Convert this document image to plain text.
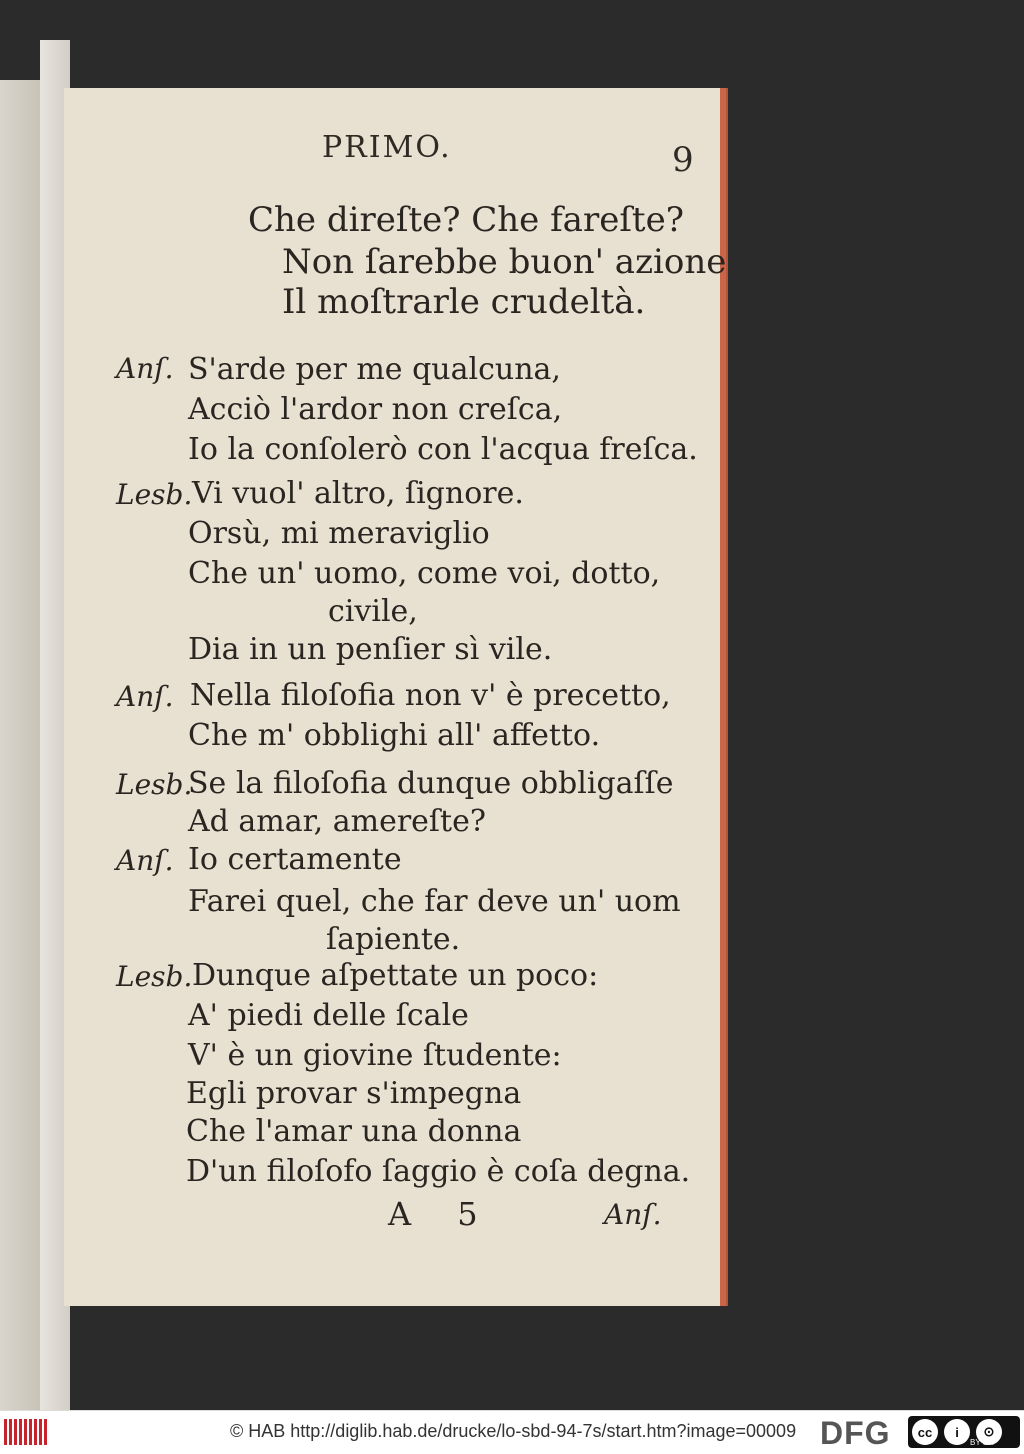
PRIMO.	9
Che direſte? Che fareſte?
Non ſarebbe buon' azione
Il moſtrarle crudeltà.
Anſ. S'arde per me qualcuna,
Acciò l'ardor non creſca,
Io la conſolerò con l'acqua freſca.
Lesb. Vi vuol' altro, ſignore.
Orsù, mi meraviglio
Che un' uomo, come voi, dotto,
civile,
Dia in un penſier sì vile.
Anſ. Nella filoſofia non v' è precetto,
Che m' obblighi all' affetto.
Lesb.
Se la filoſofia dunque obbligaſſe
Ad amar, amereſte?
Anſ. Io certamente
Farei quel, che far deve un' uom
ſapiente.
Lesb. Dunque aſpettate un poco:
A' piedi delle ſcale
V' è un giovine ſtudente:
Egli provar s'impegna
Che l'amar una donna
D'un filoſofo ſaggio è coſa degna.
A 5	Anſ.
© HAB http://diglib.hab.de/drucke/lo-sbd-94-7s/start.htm?image=00009 DFG	cc	i	⊙
BY SA
